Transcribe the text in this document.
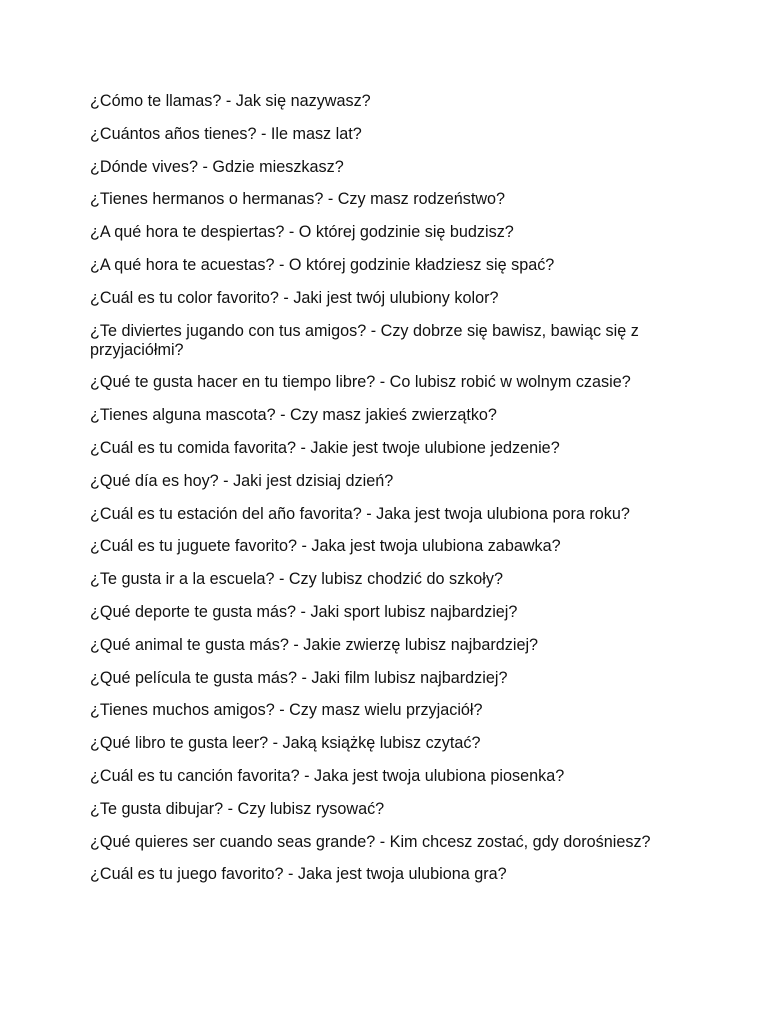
¿Cómo te llamas? - Jak się nazywasz?
¿Cuántos años tienes? - Ile masz lat?
¿Dónde vives? - Gdzie mieszkasz?
¿Tienes hermanos o hermanas? - Czy masz rodzeństwo?
¿A qué hora te despiertas? - O której godzinie się budzisz?
¿A qué hora te acuestas? - O której godzinie kładziesz się spać?
¿Cuál es tu color favorito? - Jaki jest twój ulubiony kolor?
¿Te diviertes jugando con tus amigos? - Czy dobrze się bawisz, bawiąc się z przyjaciółmi?
¿Qué te gusta hacer en tu tiempo libre? - Co lubisz robić w wolnym czasie?
¿Tienes alguna mascota? - Czy masz jakieś zwierzątko?
¿Cuál es tu comida favorita? - Jakie jest twoje ulubione jedzenie?
¿Qué día es hoy? - Jaki jest dzisiaj dzień?
¿Cuál es tu estación del año favorita? - Jaka jest twoja ulubiona pora roku?
¿Cuál es tu juguete favorito? - Jaka jest twoja ulubiona zabawka?
¿Te gusta ir a la escuela? - Czy lubisz chodzić do szkoły?
¿Qué deporte te gusta más? - Jaki sport lubisz najbardziej?
¿Qué animal te gusta más? - Jakie zwierzę lubisz najbardziej?
¿Qué película te gusta más? - Jaki film lubisz najbardziej?
¿Tienes muchos amigos? - Czy masz wielu przyjaciół?
¿Qué libro te gusta leer? - Jaką książkę lubisz czytać?
¿Cuál es tu canción favorita? - Jaka jest twoja ulubiona piosenka?
¿Te gusta dibujar? - Czy lubisz rysować?
¿Qué quieres ser cuando seas grande? - Kim chcesz zostać, gdy dorośniesz?
¿Cuál es tu juego favorito? - Jaka jest twoja ulubiona gra?
